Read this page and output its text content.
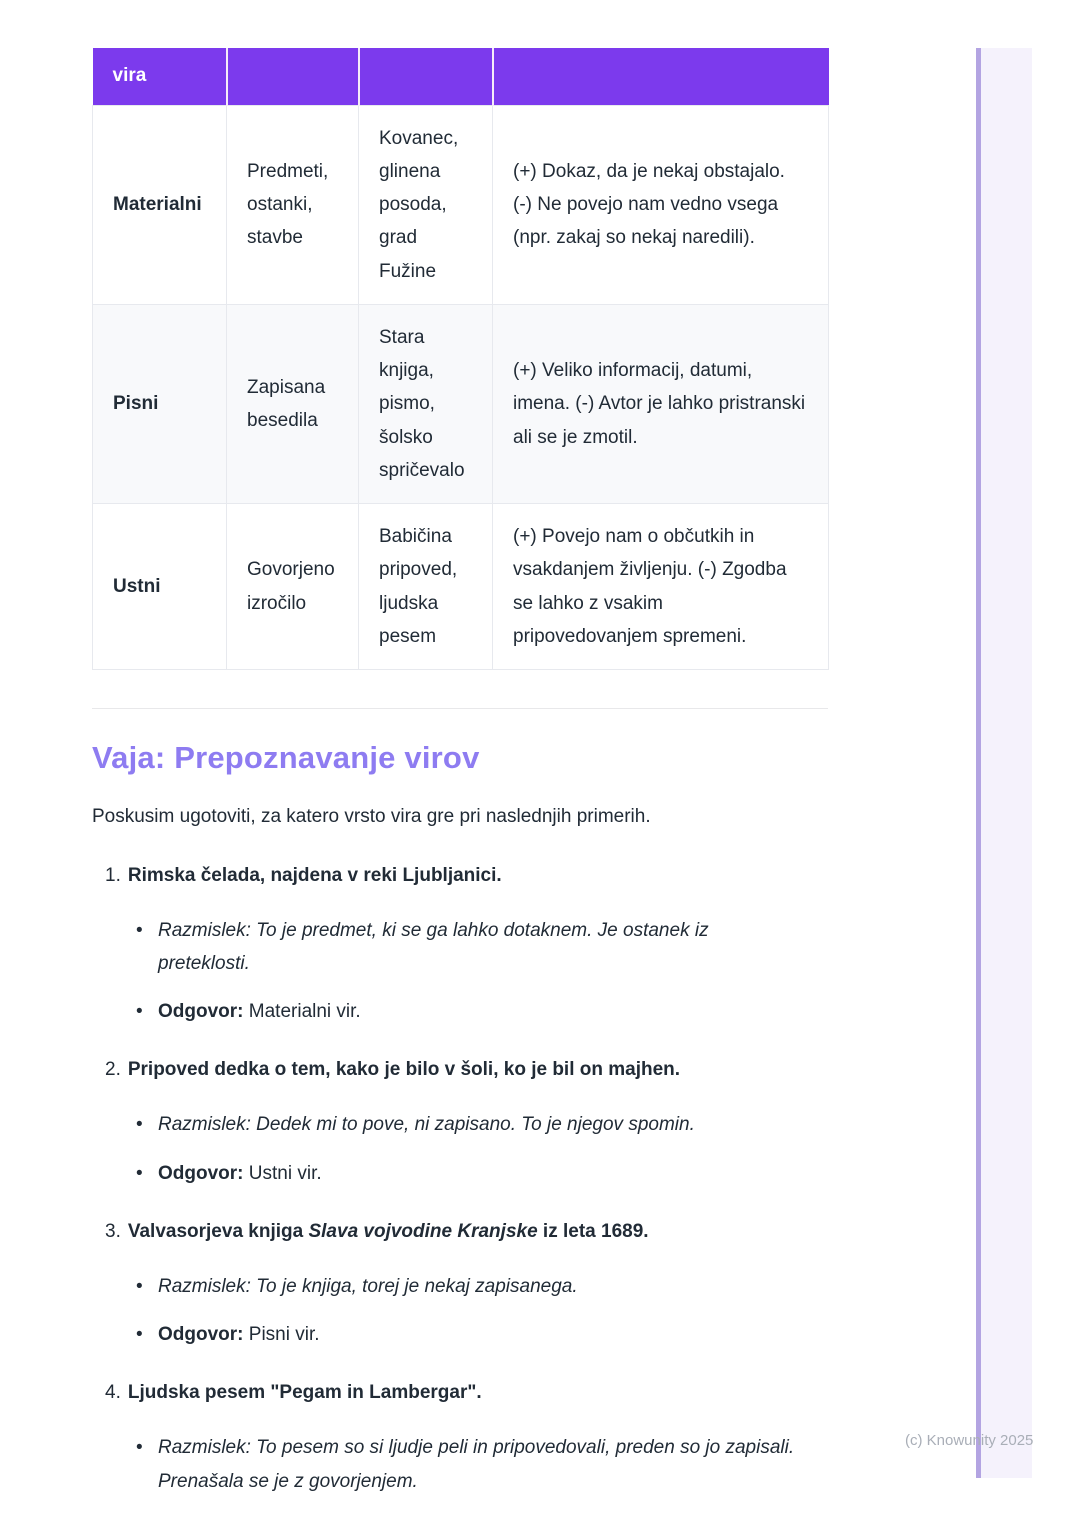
vira			
Materialni	Predmeti, ostanki, stavbe	Kovanec, glinena posoda, grad Fužine	(+) Dokaz, da je nekaj obstajalo. (-) Ne povejo nam vedno vsega (npr. zakaj so nekaj naredili).
Pisni	Zapisana besedila	Stara knjiga, pismo, šolsko spričevalo	(+) Veliko informacij, datumi, imena. (-) Avtor je lahko pristranski ali se je zmotil.
Ustni	Govorjeno izročilo	Babičina pripoved, ljudska pesem	(+) Povejo nam o občutkih in vsakdanjem življenju. (-) Zgodba se lahko z vsakim pripovedovanjem spremeni.
Vaja: Prepoznavanje virov

Poskusim ugotoviti, za katero vrsto vira gre pri naslednjih primerih.

1. Rimska čelada, najdena v reki Ljubljanici.
•
Razmislek: To je predmet, ki se ga lahko dotaknem. Je ostanek iz preteklosti.
•
Odgovor: Materialni vir.
2. Pripoved dedka o tem, kako je bilo v šoli, ko je bil on majhen.
•
Razmislek: Dedek mi to pove, ni zapisano. To je njegov spomin.
•
Odgovor: Ustni vir.
3. Valvasorjeva knjiga Slava vojvodine Kranjske iz leta 1689.
•
Razmislek: To je knjiga, torej je nekaj zapisanega.
•
Odgovor: Pisni vir.
4. Ljudska pesem "Pegam in Lambergar".
•
Razmislek: To pesem so si ljudje peli in pripovedovali, preden so jo zapisali. Prenašala se je z govorjenjem.
(c) Knowunity 2025
